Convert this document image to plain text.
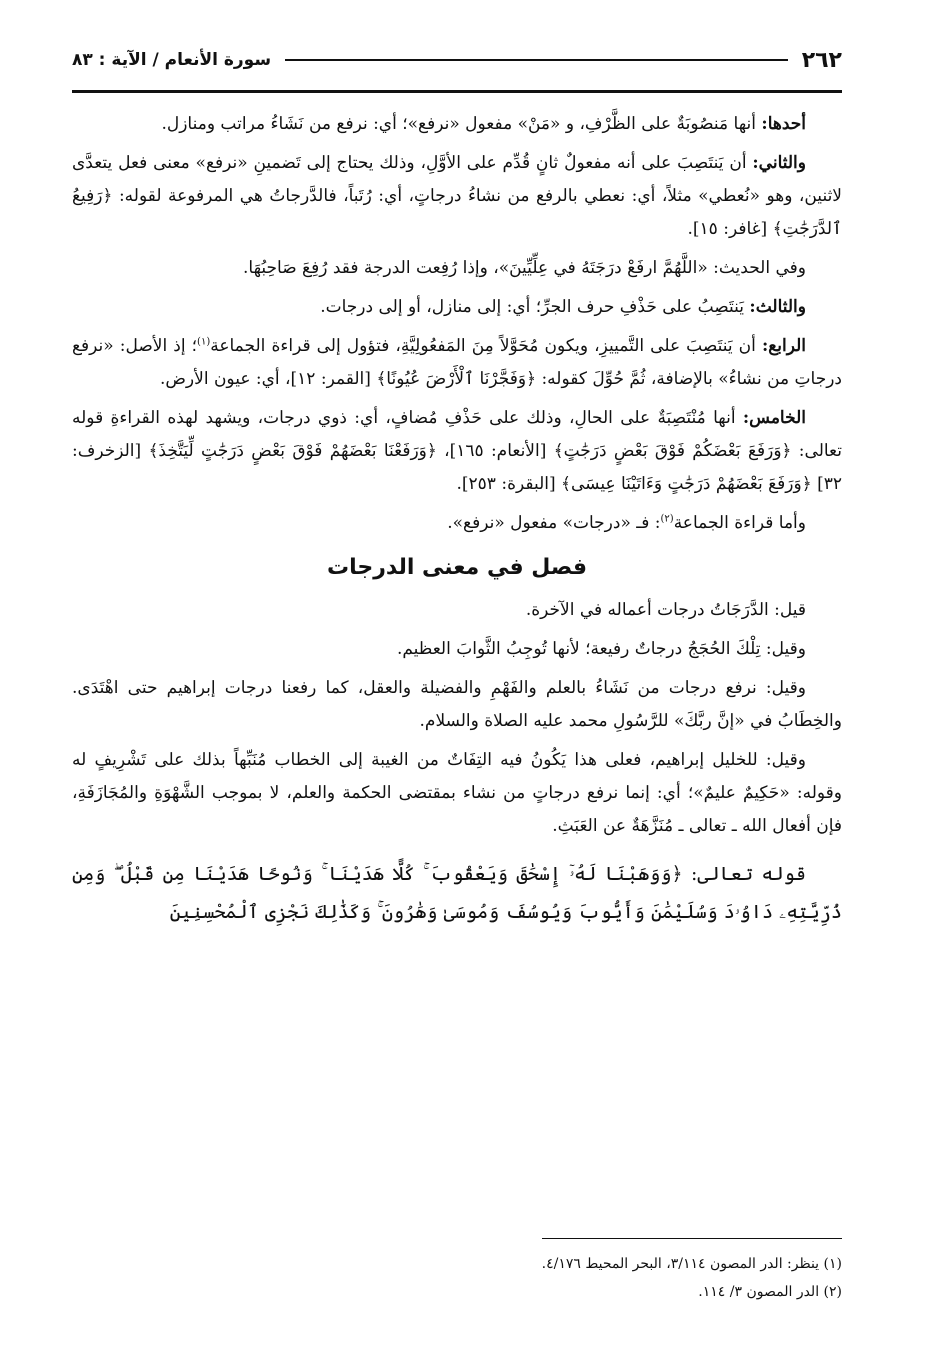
٢٦٢
سورة الأنعام / الآية : ٨٣

أحدها: أنها مَنصُوبَةٌ على الظَّرْفِ، و «مَنْ» مفعول «نرفع»؛ أي: نرفع من نَشَاءُ مراتب ومنازل.

والثاني: أن يَنتَصِبَ على أنه مفعولٌ ثانٍ قُدِّم على الأوَّلِ، وذلك يحتاج إلى تَضمينِ «نرفع» معنى فعل يتعدَّى لاثنين، وهو «نُعطي» مثلاً، أي: نعطي بالرفع من نشاءُ درجاتٍ، أي: رُتَباً، فالدَّرجاتُ هي المرفوعة لقوله: ﴿رَفِيعُ ٱلدَّرَجَٰتِ﴾ [غافر: ١٥].

وفي الحديث: «اللَّهُمَّ ارفَعْ درَجَتَهُ في عِلِّيِّينَ»، وإذا رُفِعت الدرجة فقد رُفِعَ صَاحِبُهَا.

والثالث: يَنتَصِبُ على حَذْفِ حرف الجرِّ؛ أي: إلى منازل، أو إلى درجات.

الرابع: أن يَنتَصِبَ على التَّمييزِ، ويكون مُحَوَّلاً مِنَ المَفعُولِيَّةِ، فتؤول إلى قراءة الجماعة$^{(١)}$؛ إذ الأصل: «نرفع درجاتِ من نشاءُ» بالإضافة، ثُمَّ حُوِّلَ كقوله: ﴿وَفَجَّرْنَا ٱلْأَرْضَ عُيُونًا﴾ [القمر: ١٢]، أي: عيون الأرض.

الخامس: أنها مُنْتَصِبَةٌ على الحالِ، وذلك على حَذْفِ مُضافٍ، أي: ذوي درجات، ويشهد لهذه القراءةِ قوله تعالى: ﴿وَرَفَعَ بَعْضَكُمْ فَوْقَ بَعْضٍ دَرَجَٰتٍ﴾ [الأنعام: ١٦٥]، ﴿وَرَفَعْنَا بَعْضَهُمْ فَوْقَ بَعْضٍ دَرَجَٰتٍ لِّيَتَّخِذَ﴾ [الزخرف: ٣٢] ﴿وَرَفَعَ بَعْضَهُمْ دَرَجَٰتٍ وَءَاتَيْنَا عِيسَى﴾ [البقرة: ٢٥٣].

وأما قراءة الجماعة$^{(٢)}$: فـ «درجات» مفعول «نرفع».

فصل في معنى الدرجات

قيل: الدَّرَجَاتُ درجات أعماله في الآخرة.

وقيل: تِلْكَ الحُجَجُ درجاتٌ رفيعة؛ لأنها تُوجِبُ الثَّوابَ العظيم.

وقيل: نرفع درجات من نَشَاءُ بالعلم والفَهْمِ والفضيلة والعقل، كما رفعنا درجات إبراهيم حتى اهْتَدَى. والخِطَابُ في «إنَّ ربَّكَ» للرَّسُولِ محمد عليه الصلاة والسلام.

وقيل: للخليل إبراهيم، فعلى هذا يَكُونُ فيه التِفَاتٌ من الغيبة إلى الخطاب مُنَبِّهاً بذلك على تَشْرِيفٍ له وقوله: «حَكِيمٌ عليمٌ»؛ أي: إنما نرفع درجاتٍ من نشاء بمقتضى الحكمة والعلم، لا بموجب الشَّهْوَةِ والمُجَازَفَةِ، فإن أفعال الله ـ تعالى ـ مُنَزَّهَةٌ عن العَبَثِ.

قوله تعالى: ﴿وَوَهَبْنَا لَهُۥٓ إِسْحَٰقَ وَيَعْقُوبَ ۚ كُلًّا هَدَيْنَا ۚ وَنُوحًا هَدَيْنَا مِن قَبْلُ ۖ وَمِن ذُرِّيَّتِهِۦ دَاوُۥدَ وَسُلَيْمَٰنَ وَأَيُّوبَ وَيُوسُفَ وَمُوسَىٰ وَهَٰرُونَ ۚ وَكَذَٰلِكَ نَجْزِى ٱلْمُحْسِنِينَ

(١) ينظر: الدر المصون ٣/١١٤، البحر المحيط ٤/١٧٦.

(٢) الدر المصون ٣/ ١١٤.
